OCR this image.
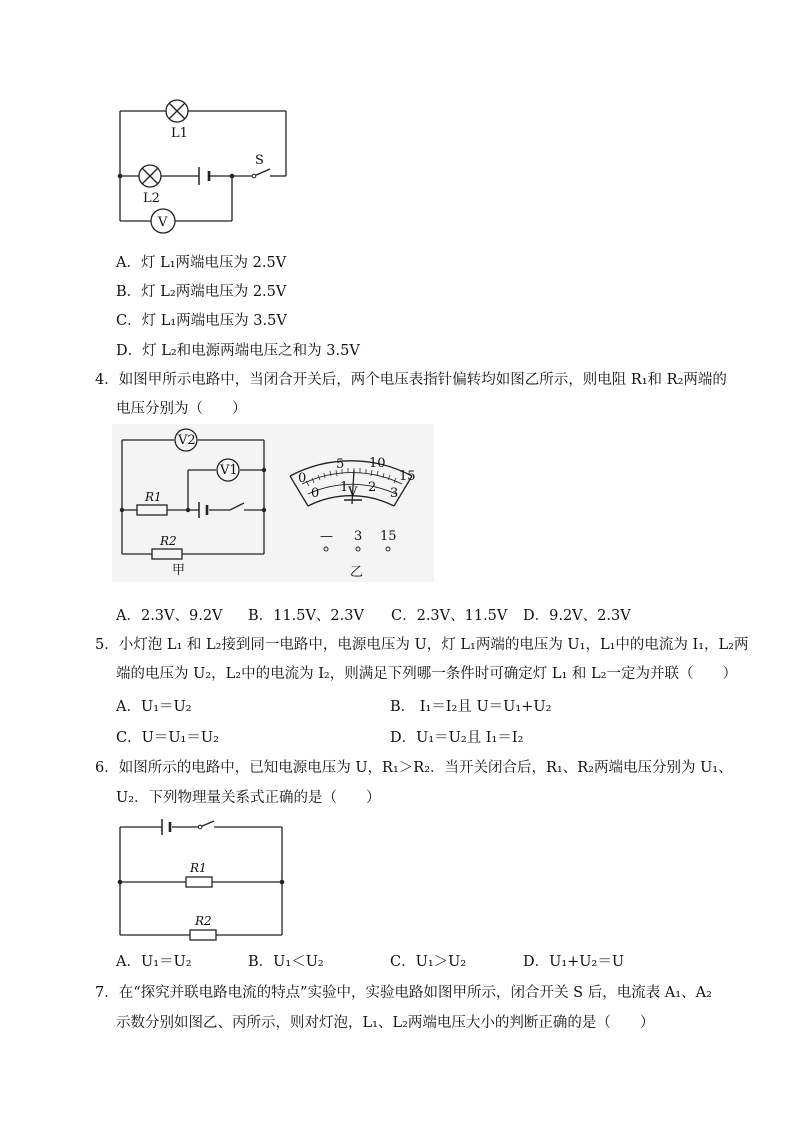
L1
L2
S
V
A．灯 L₁两端电压为 2.5V
B．灯 L₂两端电压为 2.5V
C．灯 L₁两端电压为 3.5V
D．灯 L₂和电源两端电压之和为 3.5V
4．如图甲所示电路中，当闭合开关后，两个电压表指针偏转均如图乙所示，则电阻 R₁和 R₂两端的
电压分别为（　　）
V2
V1
R1
R2
甲
0
5 10
15
0 1 2 3
V
— 3 15
乙
A．2.3V、9.2V B．11.5V、2.3V C．2.3V、11.5V D．9.2V、2.3V
5．小灯泡 L₁ 和 L₂接到同一电路中，电源电压为 U，灯 L₁两端的电压为 U₁，L₁中的电流为 I₁，L₂两
端的电压为 U₂，L₂中的电流为 I₂，则满足下列哪一条件时可确定灯 L₁ 和 L₂一定为并联（　　）
A．U₁＝U₂	B． I₁＝I₂且 U＝U₁+U₂
C．U＝U₁＝U₂	D．U₁＝U₂且 I₁＝I₂
6．如图所示的电路中，已知电源电压为 U，R₁＞R₂．当开关闭合后，R₁、R₂两端电压分别为 U₁、
U₂．下列物理量关系式正确的是（　　）
R1
R2
A．U₁＝U₂	B．U₁＜U₂	C．U₁＞U₂	D．U₁+U₂＝U
7．在“探究并联电路电流的特点”实验中，实验电路如图甲所示，闭合开关 S 后，电流表 A₁、A₂
示数分别如图乙、丙所示，则对灯泡，L₁、L₂两端电压大小的判断正确的是（　　）
